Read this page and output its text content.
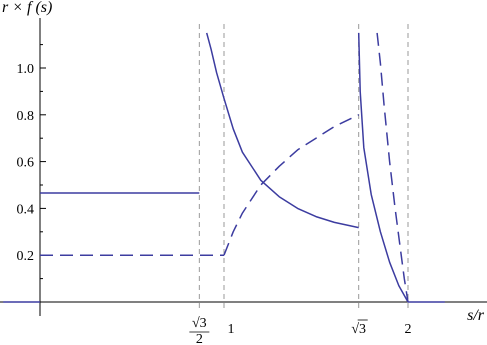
0.2
0.4
0.6
0.8
1.0
√3
2
1	√3	2
r × f (s)
s/r
